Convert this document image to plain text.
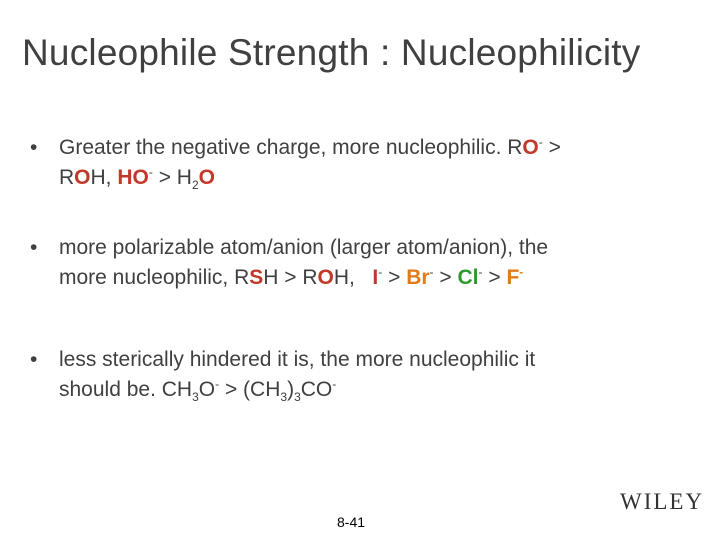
Nucleophile Strength : Nucleophilicity
•	Greater the negative charge, more nucleophilic. RO- >
ROH, $HO^- > H_2O$
•	more polarizable atom/anion (larger atom/anion), the
more nucleophilic, RSH > ROH, I- > Br- > Cl- > F-
•	less sterically hindered it is, the more nucleophilic it
should be. $CH_3O^- > (CH_3)_3CO^-$
WILEY
8-41
